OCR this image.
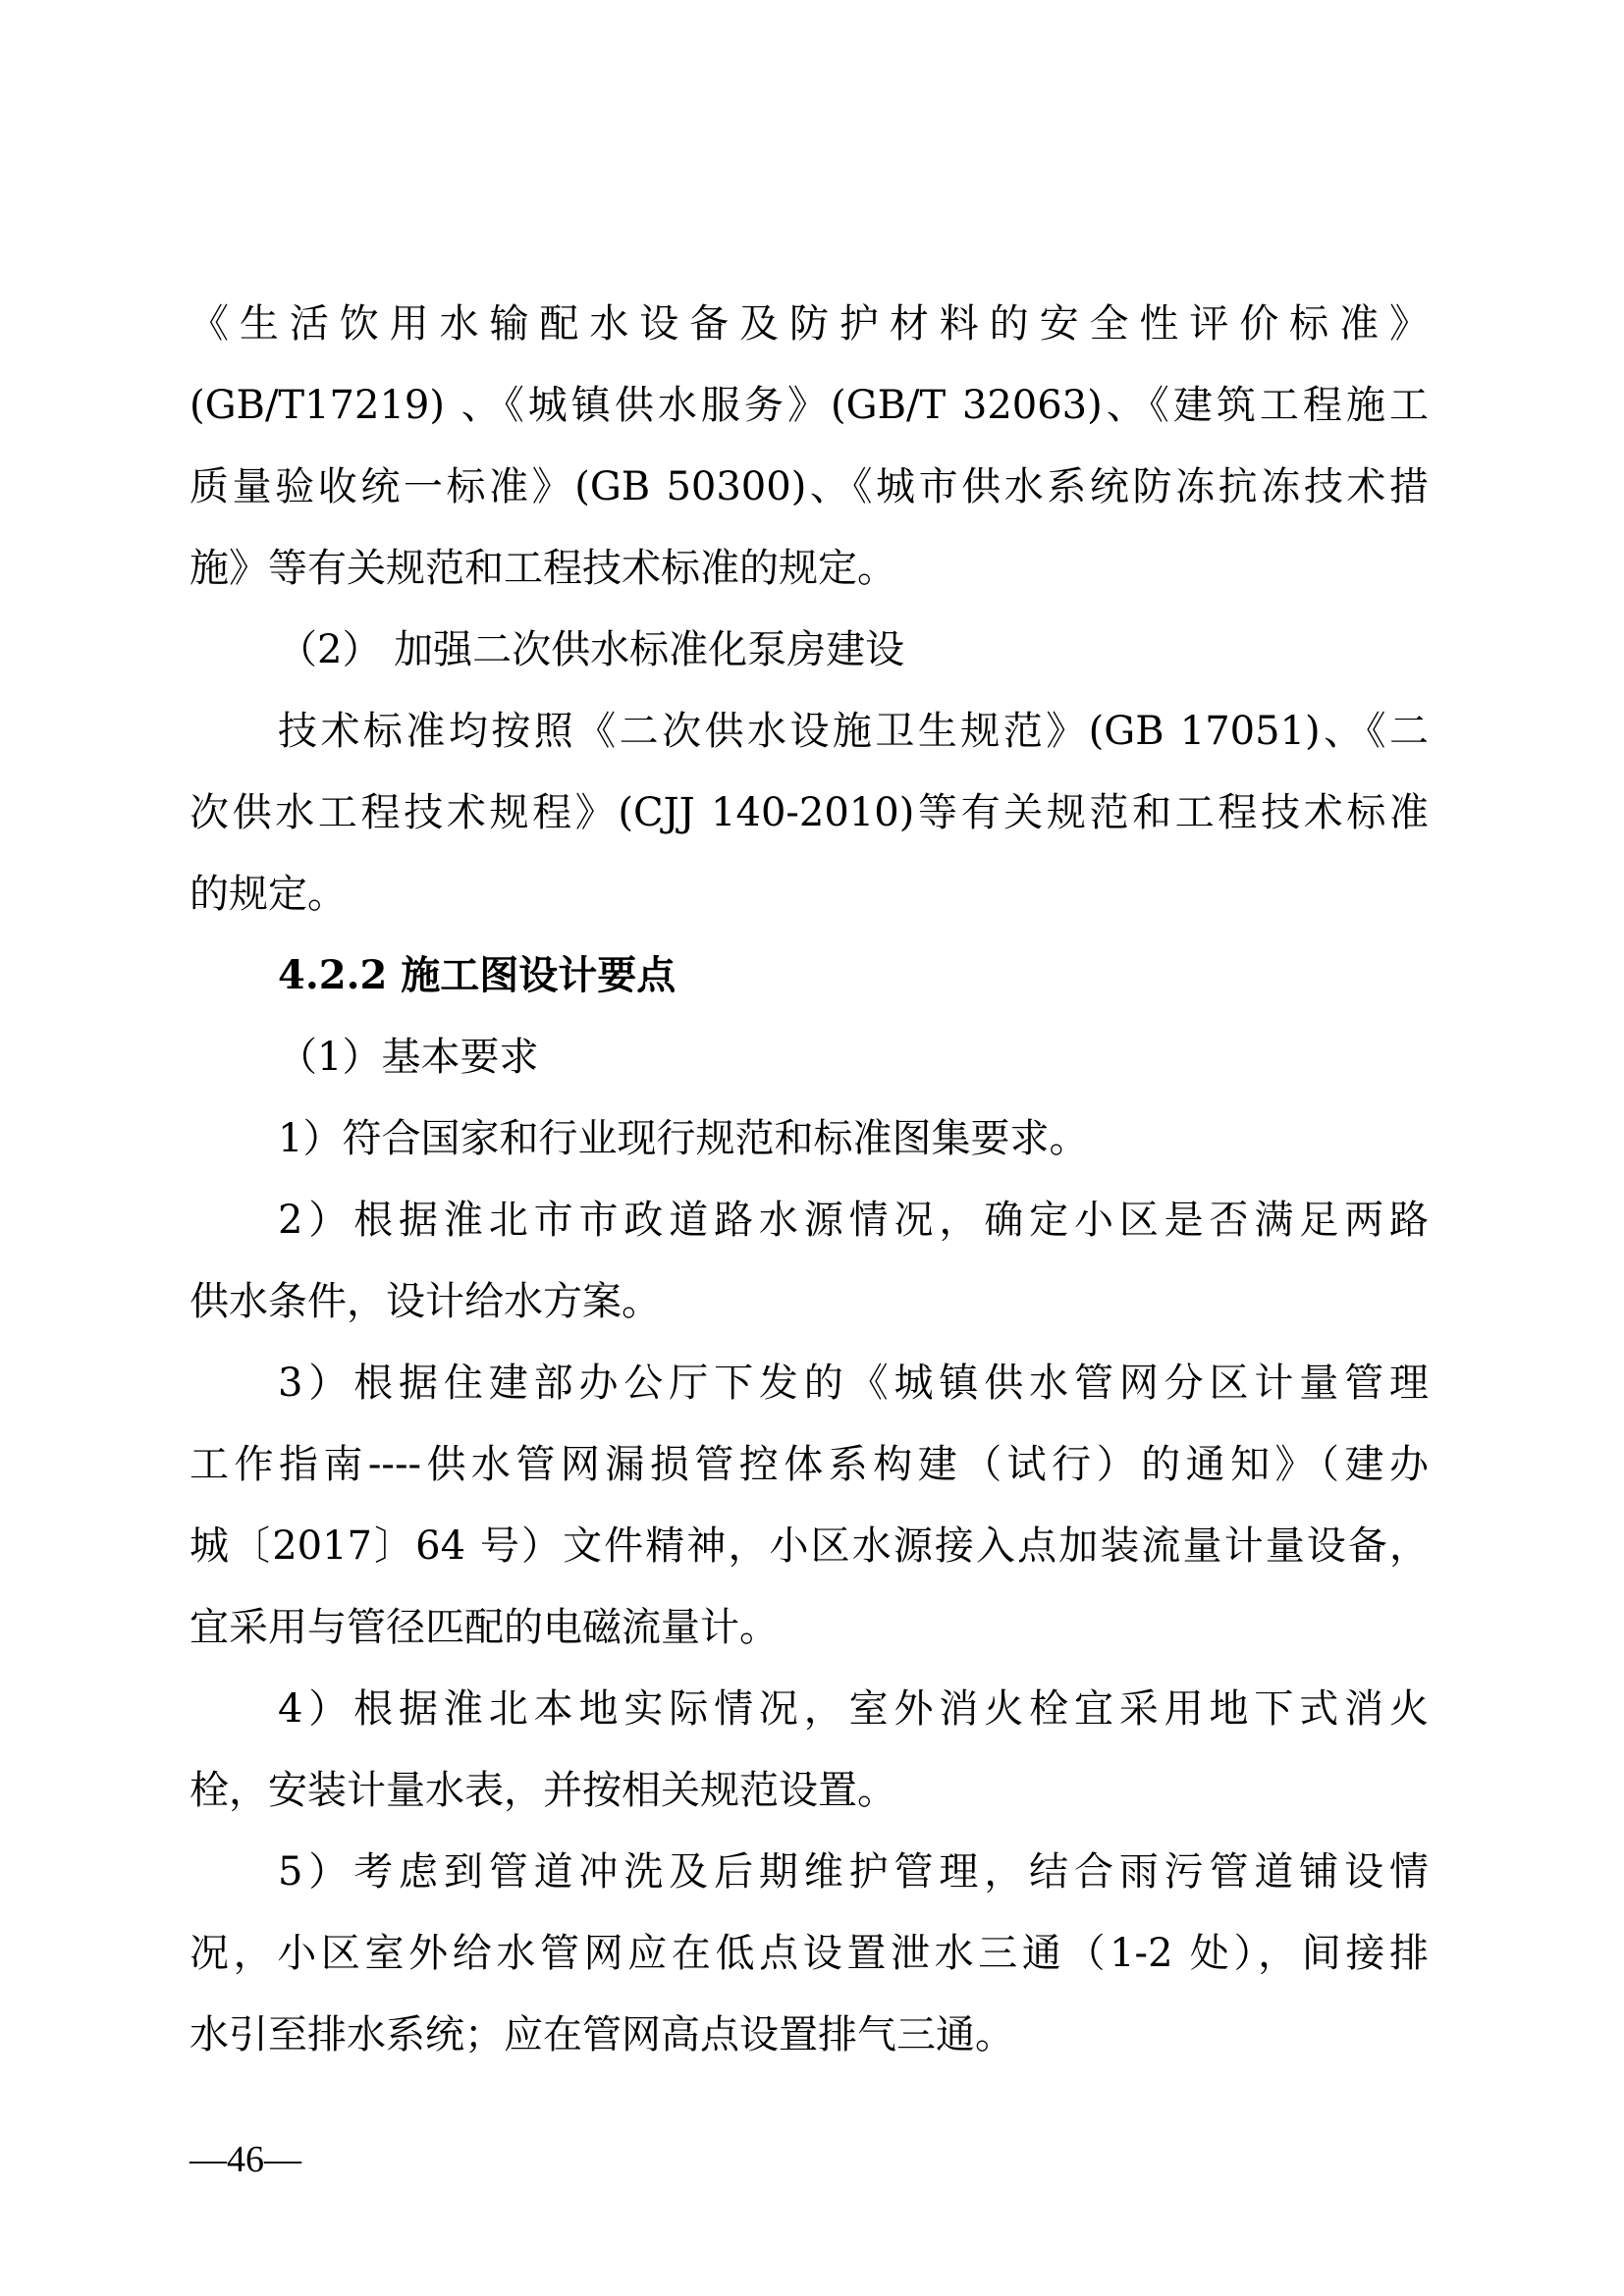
《生活饮用水输配水设备及防护材料的安全性评价标准》
(GB/T17219) 、《城镇供水服务》(GB/T 32063)、《建筑工程施工
质量验收统一标准》(GB 50300)、《城市供水系统防冻抗冻技术措
施》等有关规范和工程技术标准的规定。
（2） 加强二次供水标准化泵房建设
技术标准均按照《二次供水设施卫生规范》(GB 17051)、《二
次供水工程技术规程》(CJJ 140-2010)等有关规范和工程技术标准
的规定。
4.2.2 施工图设计要点
（1）基本要求
1）符合国家和行业现行规范和标准图集要求。
2）根据淮北市市政道路水源情况，确定小区是否满足两路
供水条件，设计给水方案。
3）根据住建部办公厅下发的《城镇供水管网分区计量管理
工作指南----供水管网漏损管控体系构建（试行）的通知》（建办
城〔2017〕64 号）文件精神，小区水源接入点加装流量计量设备，
宜采用与管径匹配的电磁流量计。
4）根据淮北本地实际情况，室外消火栓宜采用地下式消火
栓，安装计量水表，并按相关规范设置。
5）考虑到管道冲洗及后期维护管理，结合雨污管道铺设情
况，小区室外给水管网应在低点设置泄水三通（1-2 处），间接排
水引至排水系统；应在管网高点设置排气三通。
—46—
